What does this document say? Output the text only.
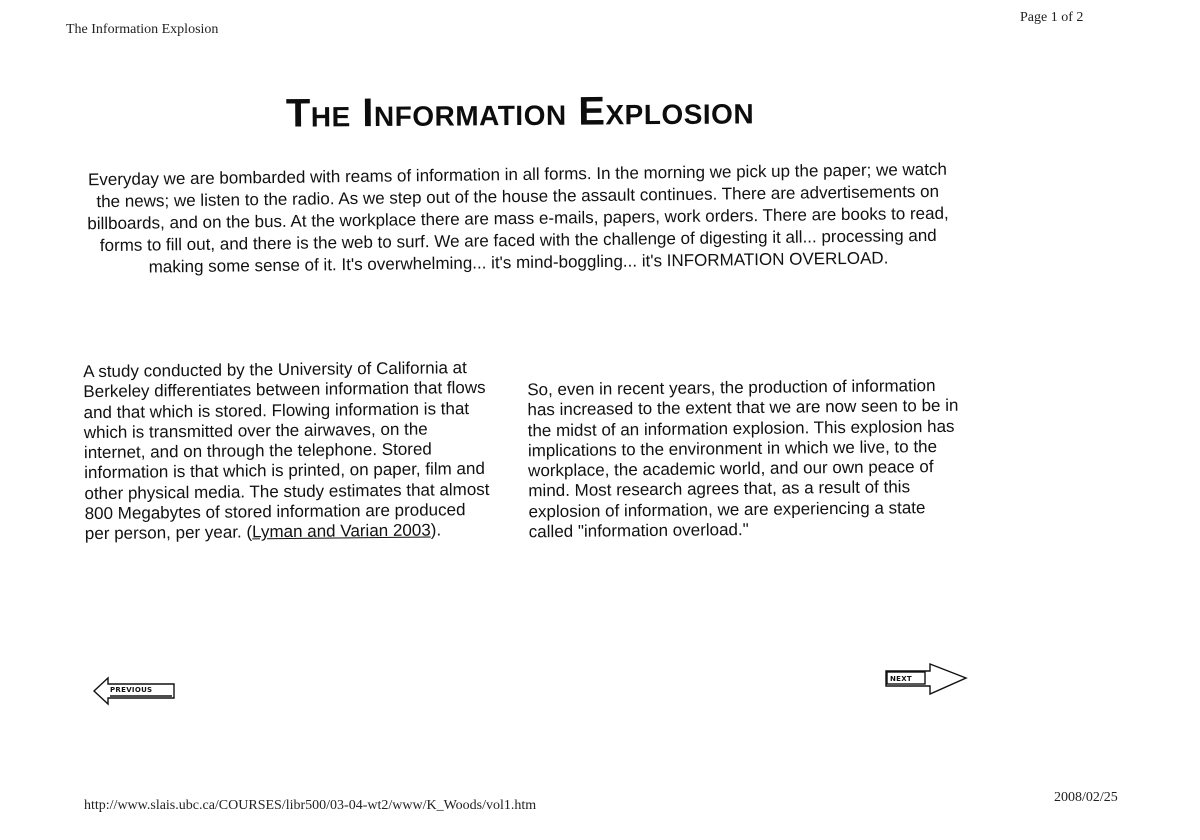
The Information Explosion
Page 1 of 2
The Information Explosion

Everyday we are bombarded with reams of information in all forms. In the morning we pick up the paper; we watch the news; we listen to the radio. As we step out of the house the assault continues. There are advertisements on billboards, and on the bus. At the workplace there are mass e-mails, papers, work orders. There are books to read, forms to fill out, and there is the web to surf. We are faced with the challenge of digesting it all... processing and making some sense of it. It's overwhelming... it's mind-boggling... it's INFORMATION OVERLOAD.

A study conducted by the University of California at Berkeley differentiates between information that flows and that which is stored. Flowing information is that which is transmitted over the airwaves, on the internet, and on through the telephone. Stored information is that which is printed, on paper, film and other physical media. The study estimates that almost 800 Megabytes of stored information are produced per person, per year. (Lyman and Varian 2003).

So, even in recent years, the production of information has increased to the extent that we are now seen to be in the midst of an information explosion. This explosion has implications to the environment in which we live, to the workplace, the academic world, and our own peace of mind. Most research agrees that, as a result of this explosion of information, we are experiencing a state called "information overload."

PREVIOUS
NEXT
http://www.slais.ubc.ca/COURSES/libr500/03-04-wt2/www/K_Woods/vol1.htm
2008/02/25
